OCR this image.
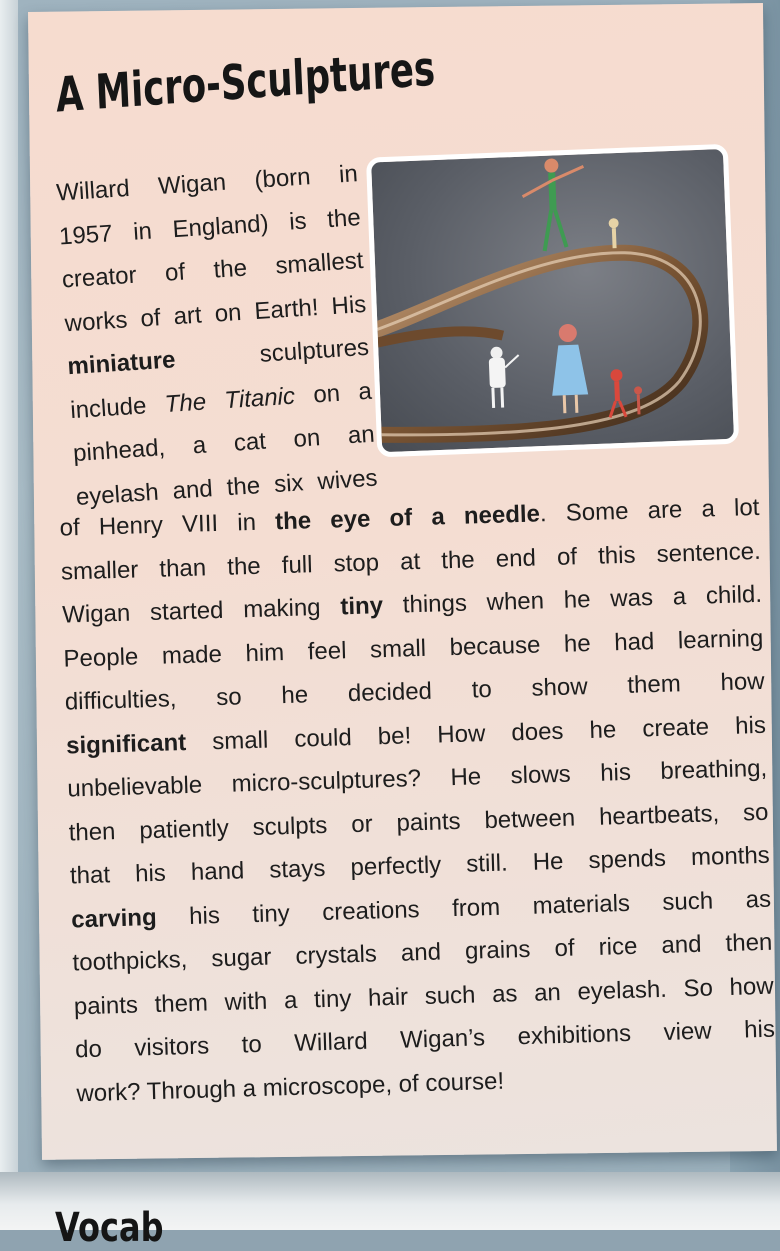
A Micro-Sculptures
Willard Wigan (born in
1957 in England) is the
creator of the smallest
works of art on Earth! His
miniature sculptures
include The Titanic on a
pinhead, a cat on an
eyelash and the six wives
of Henry VIII in the eye of a needle. Some are a lot
smaller than the full stop at the end of this sentence.
Wigan started making tiny things when he was a child.
People made him feel small because he had learning
difficulties, so he decided to show them how
significant small could be! How does he create his
unbelievable micro-sculptures? He slows his breathing,
then patiently sculpts or paints between heartbeats, so
that his hand stays perfectly still. He spends months
carving his tiny creations from materials such as
toothpicks, sugar crystals and grains of rice and then
paints them with a tiny hair such as an eyelash. So how
do visitors to Willard Wigan’s exhibitions view his
work? Through a microscope, of course!
Vocab
